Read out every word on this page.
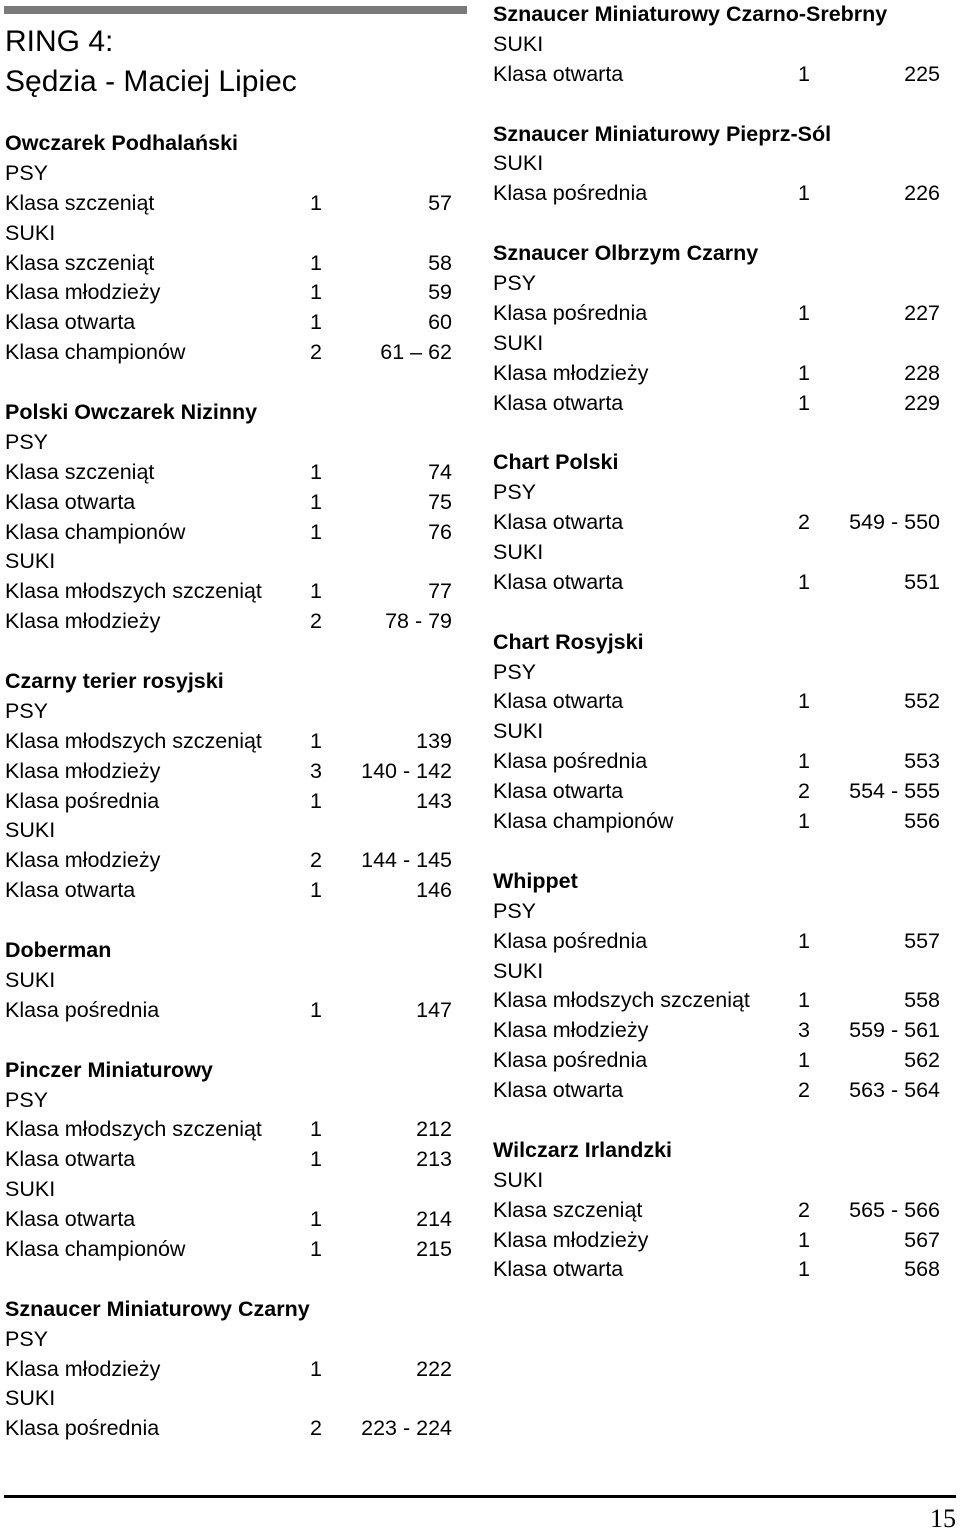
RING 4:
Sędzia - Maciej Lipiec
Owczarek Podhalański
PSY
Klasa szczeniąt	1	57
SUKI
Klasa szczeniąt	1	58
Klasa młodzieży	1	59
Klasa otwarta	1	60
Klasa championów	2	61 – 62
Polski Owczarek Nizinny
PSY
Klasa szczeniąt	1	74
Klasa otwarta	1	75
Klasa championów	1	76
SUKI
Klasa młodszych szczeniąt 1	77
Klasa młodzieży	2	78 - 79
Czarny terier rosyjski
PSY
Klasa młodszych szczeniąt 1	139
Klasa młodzieży	3 140 - 142
Klasa pośrednia	1	143
SUKI
Klasa młodzieży	2 144 - 145
Klasa otwarta	1	146
Doberman
SUKI
Klasa pośrednia	1	147
Pinczer Miniaturowy
PSY
Klasa młodszych szczeniąt 1	212
Klasa otwarta	1	213
SUKI
Klasa otwarta	1	214
Klasa championów	1	215
Sznaucer Miniaturowy Czarny
PSY
Klasa młodzieży	1	222
SUKI
Klasa pośrednia	2 223 - 224
Sznaucer Miniaturowy Czarno-Srebrny
SUKI
Klasa otwarta	1	225
Sznaucer Miniaturowy Pieprz-Sól
SUKI
Klasa pośrednia	1	226
Sznaucer Olbrzym Czarny
PSY
Klasa pośrednia	1	227
SUKI
Klasa młodzieży	1	228
Klasa otwarta	1	229
Chart Polski
PSY
Klasa otwarta	2 549 - 550
SUKI
Klasa otwarta	1	551
Chart Rosyjski
PSY
Klasa otwarta	1	552
SUKI
Klasa pośrednia	1	553
Klasa otwarta	2 554 - 555
Klasa championów	1	556
Whippet
PSY
Klasa pośrednia	1	557
SUKI
Klasa młodszych szczeniąt 1	558
Klasa młodzieży	3 559 - 561
Klasa pośrednia	1	562
Klasa otwarta	2 563 - 564
Wilczarz Irlandzki
SUKI
Klasa szczeniąt	2 565 - 566
Klasa młodzieży	1	567
Klasa otwarta	1	568
15
